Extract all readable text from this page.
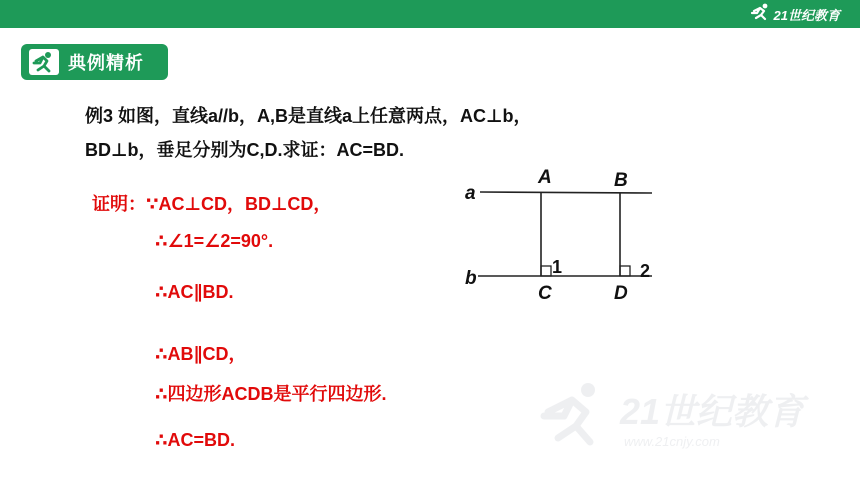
21世纪教育
典例精析
例3 如图，直线a//b，A,B是直线a上任意两点，AC⊥b，
BD⊥b，垂足分别为C,D.求证：AC=BD.
证明：∵AC⊥CD，BD⊥CD，
∴∠1=∠2=90°.
∴AC∥BD.
∴AB∥CD，
∴四边形ACDB是平行四边形.
∴AC=BD.
a
b
A	B
C	D
1	2
21世纪教育
www.21cnjy.com
